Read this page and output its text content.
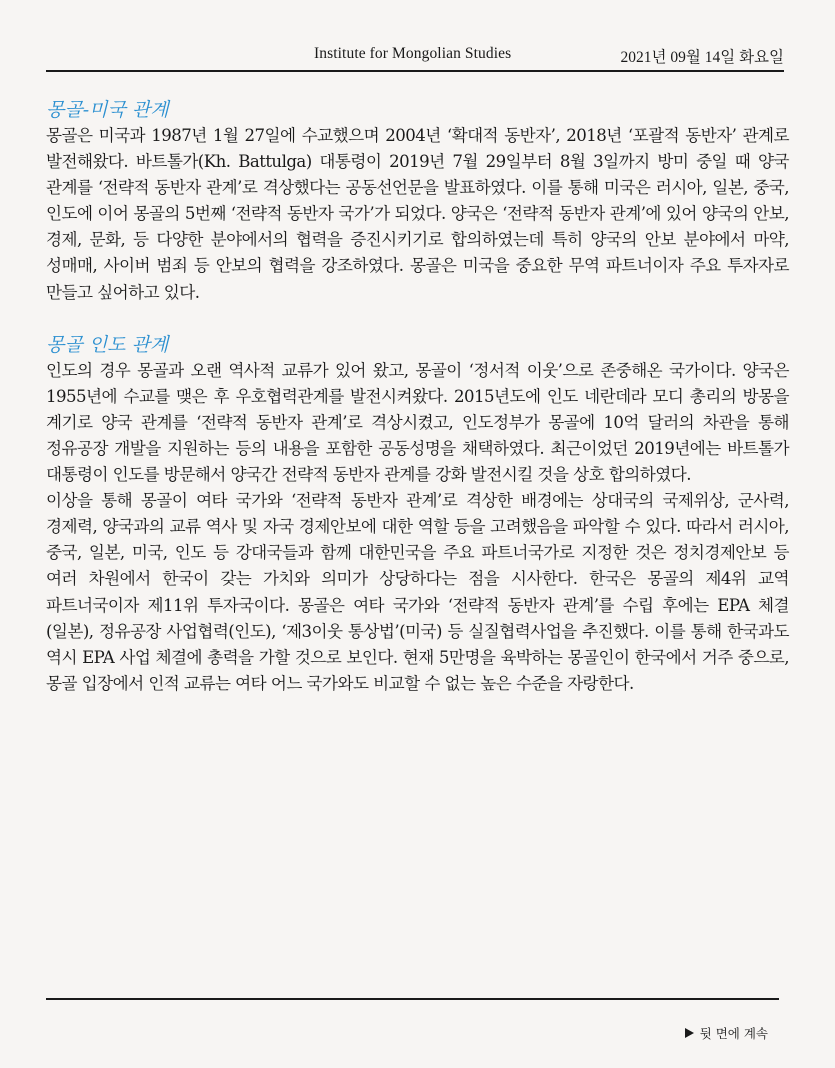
Institute for Mongolian Studies	2021년 09월 14일 화요일
몽골-미국 관계

몽골은 미국과 1987년 1월 27일에 수교했으며 2004년 ‘확대적 동반자’, 2018년 ‘포괄적 동반자’ 관계로 발전해왔다. 바트톨가(Kh. Battulga) 대통령이 2019년 7월 29일부터 8월 3일까지 방미 중일 때 양국 관계를 ‘전략적 동반자 관계’로 격상했다는 공동선언문을 발표하였다. 이를 통해 미국은 러시아, 일본, 중국, 인도에 이어 몽골의 5번째 ‘전략적 동반자 국가’가 되었다. 양국은 ‘전략적 동반자 관계’에 있어 양국의 안보, 경제, 문화, 등 다양한 분야에서의 협력을 증진시키기로 합의하였는데 특히 양국의 안보 분야에서 마약, 성매매, 사이버 범죄 등 안보의 협력을 강조하였다. 몽골은 미국을 중요한 무역 파트너이자 주요 투자자로 만들고 싶어하고 있다.

몽골 인도 관계

인도의 경우 몽골과 오랜 역사적 교류가 있어 왔고, 몽골이 ‘정서적 이웃’으로 존중해온 국가이다. 양국은 1955년에 수교를 맺은 후 우호협력관계를 발전시켜왔다. 2015년도에 인도 네란데라 모디 총리의 방몽을 계기로 양국 관계를 ‘전략적 동반자 관계’로 격상시켰고, 인도정부가 몽골에 10억 달러의 차관을 통해 정유공장 개발을 지원하는 등의 내용을 포함한 공동성명을 채택하였다. 최근이었던 2019년에는 바트톨가 대통령이 인도를 방문해서 양국간 전략적 동반자 관계를 강화 발전시킬 것을 상호 합의하였다.

이상을 통해 몽골이 여타 국가와 ‘전략적 동반자 관계’로 격상한 배경에는 상대국의 국제위상, 군사력, 경제력, 양국과의 교류 역사 및 자국 경제안보에 대한 역할 등을 고려했음을 파악할 수 있다. 따라서 러시아, 중국, 일본, 미국, 인도 등 강대국들과 함께 대한민국을 주요 파트너국가로 지정한 것은 정치경제안보 등 여러 차원에서 한국이 갖는 가치와 의미가 상당하다는 점을 시사한다. 한국은 몽골의 제4위 교역 파트너국이자 제11위 투자국이다. 몽골은 여타 국가와 ‘전략적 동반자 관계’를 수립 후에는 EPA 체결(일본), 정유공장 사업협력(인도), ‘제3이웃 통상법’(미국) 등 실질협력사업을 추진했다. 이를 통해 한국과도 역시 EPA 사업 체결에 총력을 가할 것으로 보인다. 현재 5만명을 육박하는 몽골인이 한국에서 거주 중으로, 몽골 입장에서 인적 교류는 여타 어느 국가와도 비교할 수 없는 높은 수준을 자랑한다.

뒷 면에 계속
